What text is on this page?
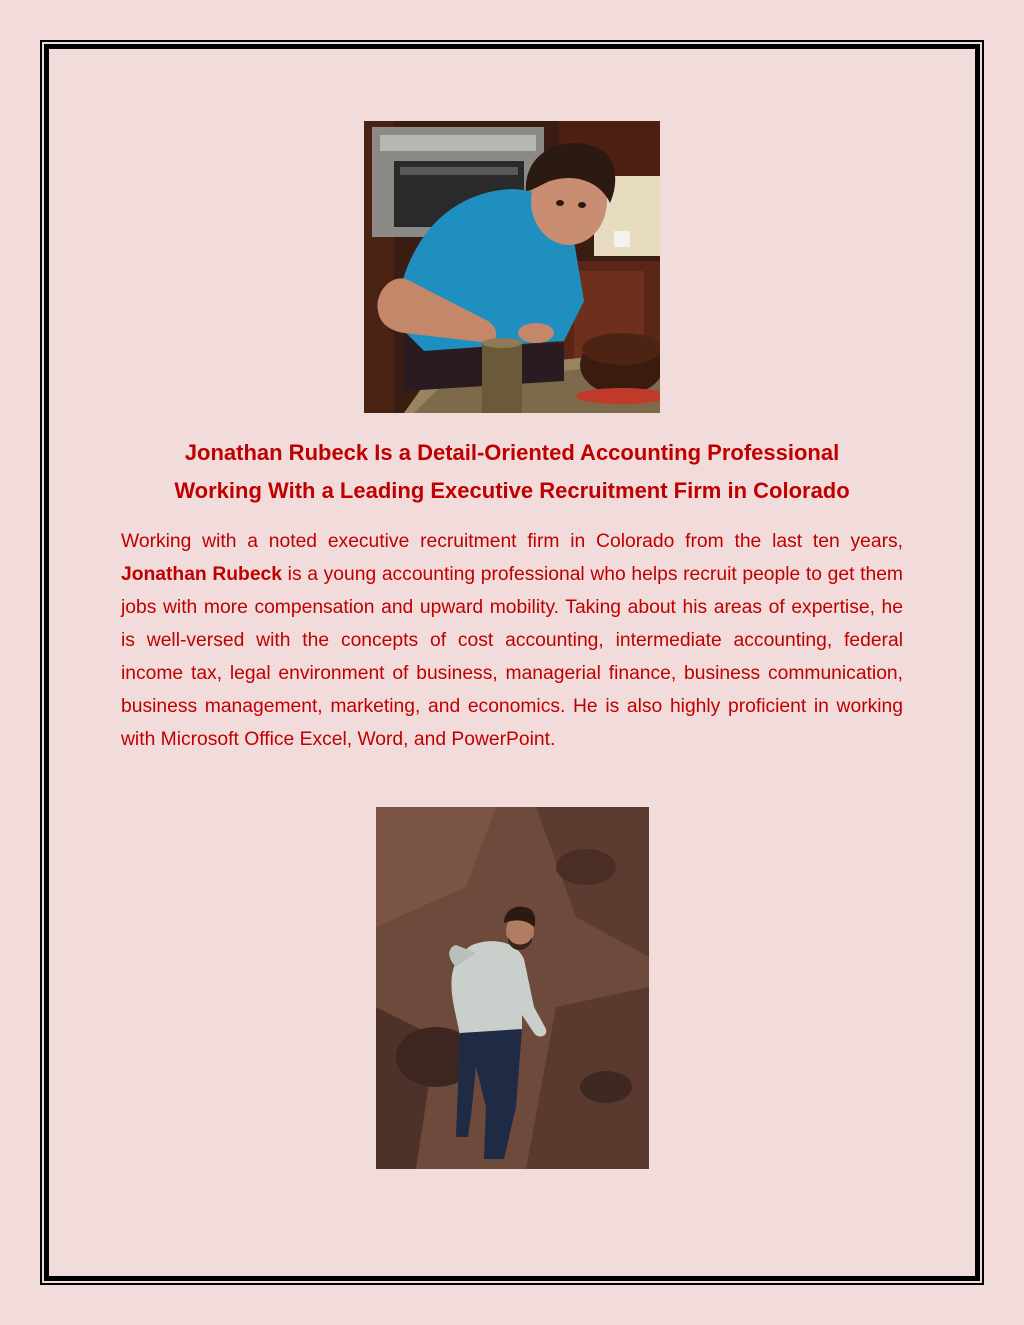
Jonathan Rubeck Is a Detail-Oriented Accounting Professional
Working With a Leading Executive Recruitment Firm in Colorado

Working with a noted executive recruitment firm in Colorado from the last ten years, Jonathan Rubeck is a young accounting professional who helps recruit people to get them jobs with more compensation and upward mobility. Taking about his areas of expertise, he is well-versed with the concepts of cost accounting, intermediate accounting, federal income tax, legal environment of business, managerial finance, business communication, business management, marketing, and economics. He is also highly proficient in working with Microsoft Office Excel, Word, and PowerPoint.
